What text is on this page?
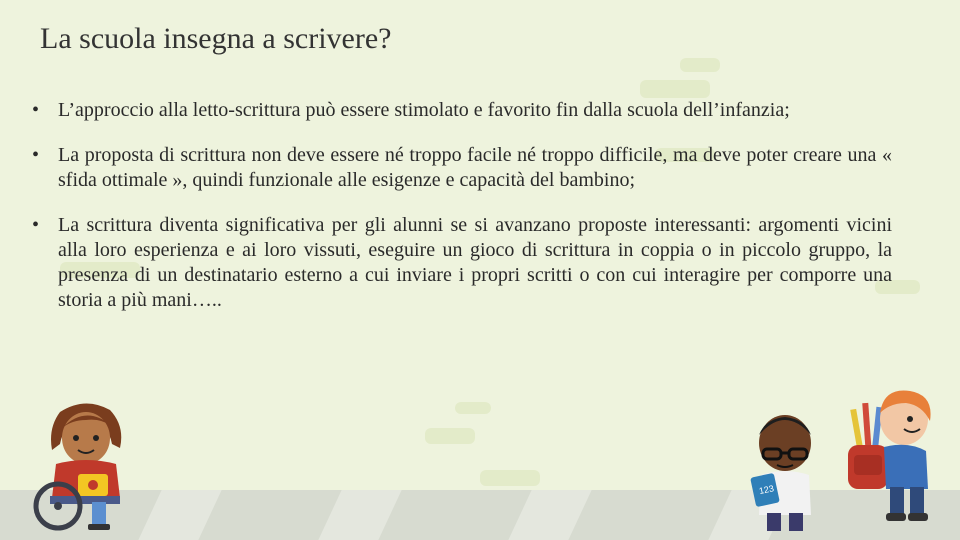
La scuola insegna a scrivere?
• L’approccio alla letto-scrittura può essere stimolato e favorito fin dalla scuola dell’infanzia;
• La proposta di scrittura non deve essere né troppo facile né troppo difficile, ma deve poter creare una « sfida ottimale », quindi funzionale alle esigenze e capacità del bambino;
• La scrittura diventa significativa per gli alunni se si avanzano proposte interessanti: argomenti vicini alla loro esperienza e ai loro vissuti, eseguire un gioco di scrittura in coppia o in piccolo gruppo, la presenza di un destinatario esterno a cui inviare i propri scritti o con cui interagire per comporre una storia a più mani…..
123
